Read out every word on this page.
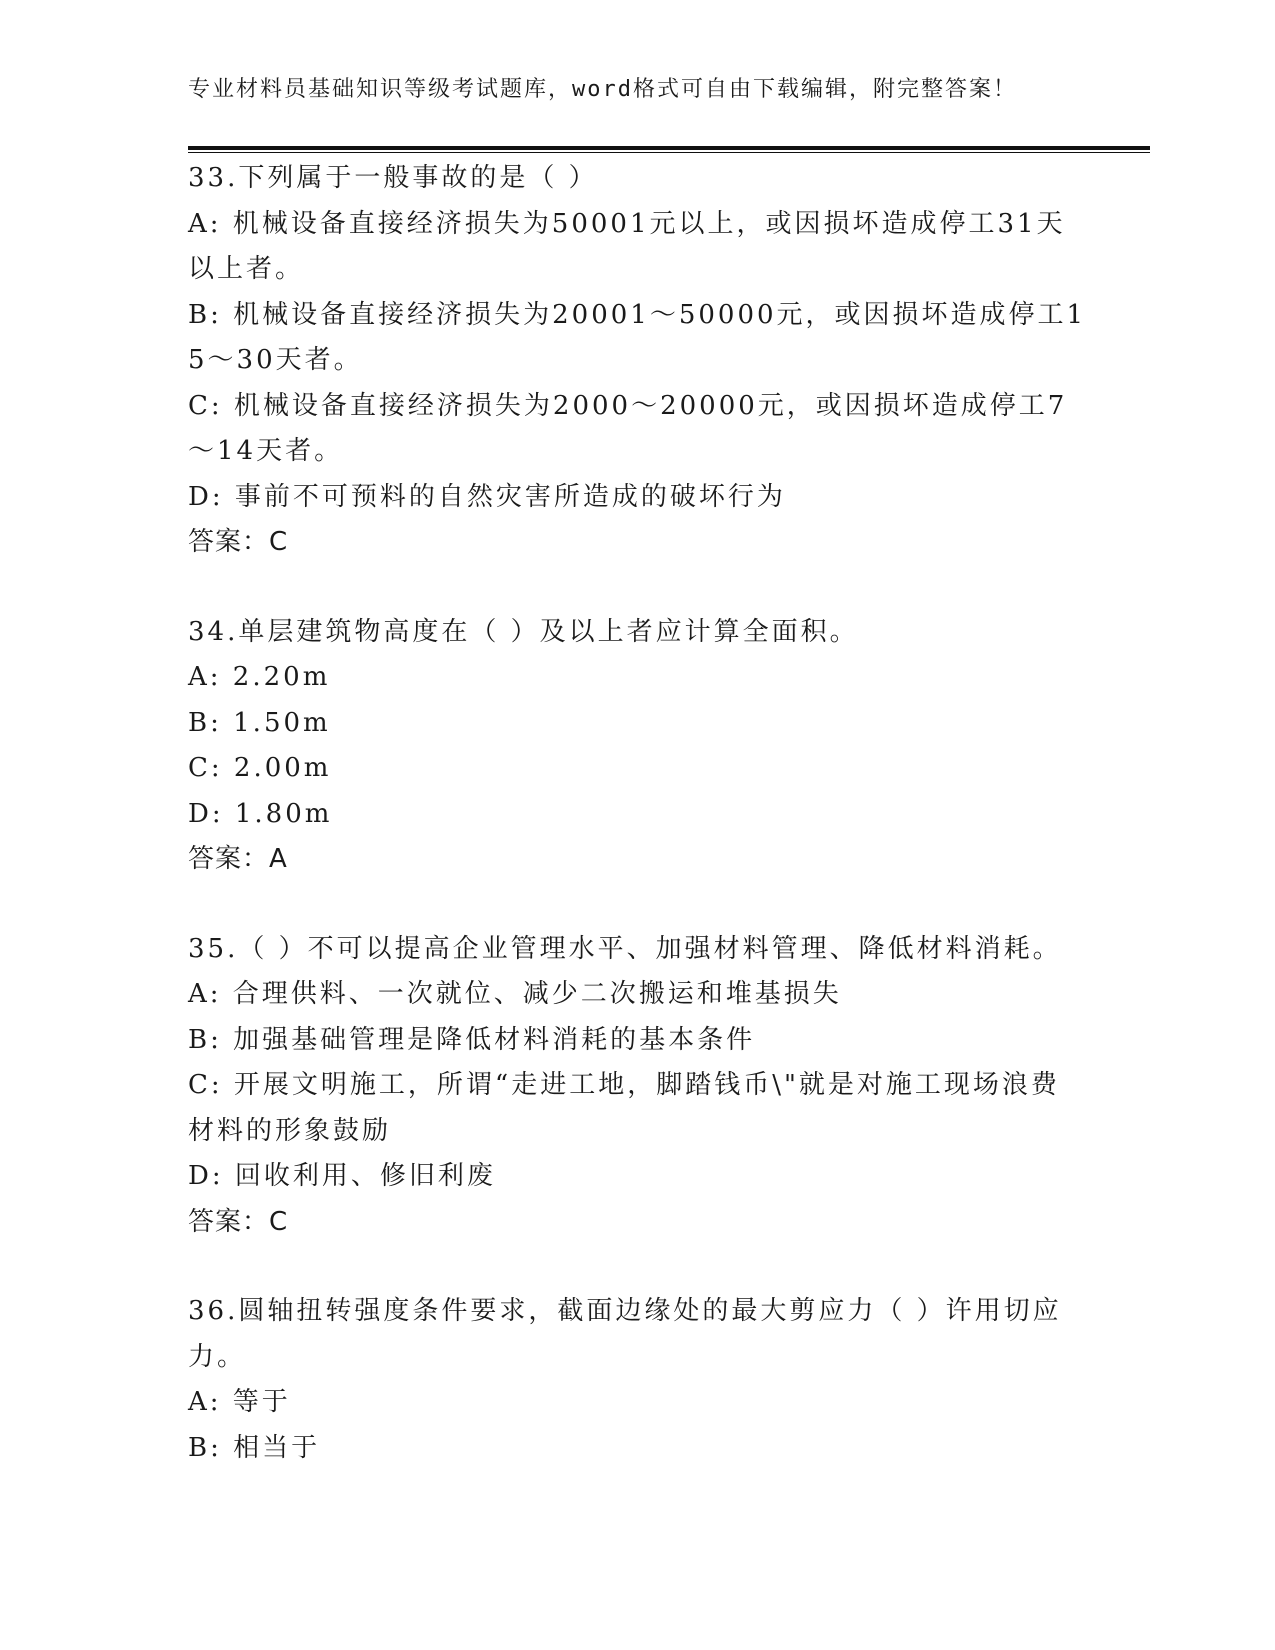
专业材料员基础知识等级考试题库，word格式可自由下载编辑，附完整答案！
33.下列属于一般事故的是（ ）
A: 机械设备直接经济损失为50001元以上，或因损坏造成停工31天以上者。
B: 机械设备直接经济损失为20001～50000元，或因损坏造成停工15～30天者。
C: 机械设备直接经济损失为2000～20000元，或因损坏造成停工7～14天者。
D: 事前不可预料的自然灾害所造成的破坏行为
答案：C
34.单层建筑物高度在（ ）及以上者应计算全面积。
A: 2.20m
B: 1.50m
C: 2.00m
D: 1.80m
答案：A
35.（ ）不可以提高企业管理水平、加强材料管理、降低材料消耗。
A: 合理供料、一次就位、减少二次搬运和堆基损失
B: 加强基础管理是降低材料消耗的基本条件
C: 开展文明施工，所谓“走进工地，脚踏钱币\"就是对施工现场浪费材料的形象鼓励
D: 回收利用、修旧利废
答案：C
36.圆轴扭转强度条件要求，截面边缘处的最大剪应力（ ）许用切应力。
A: 等于
B: 相当于
